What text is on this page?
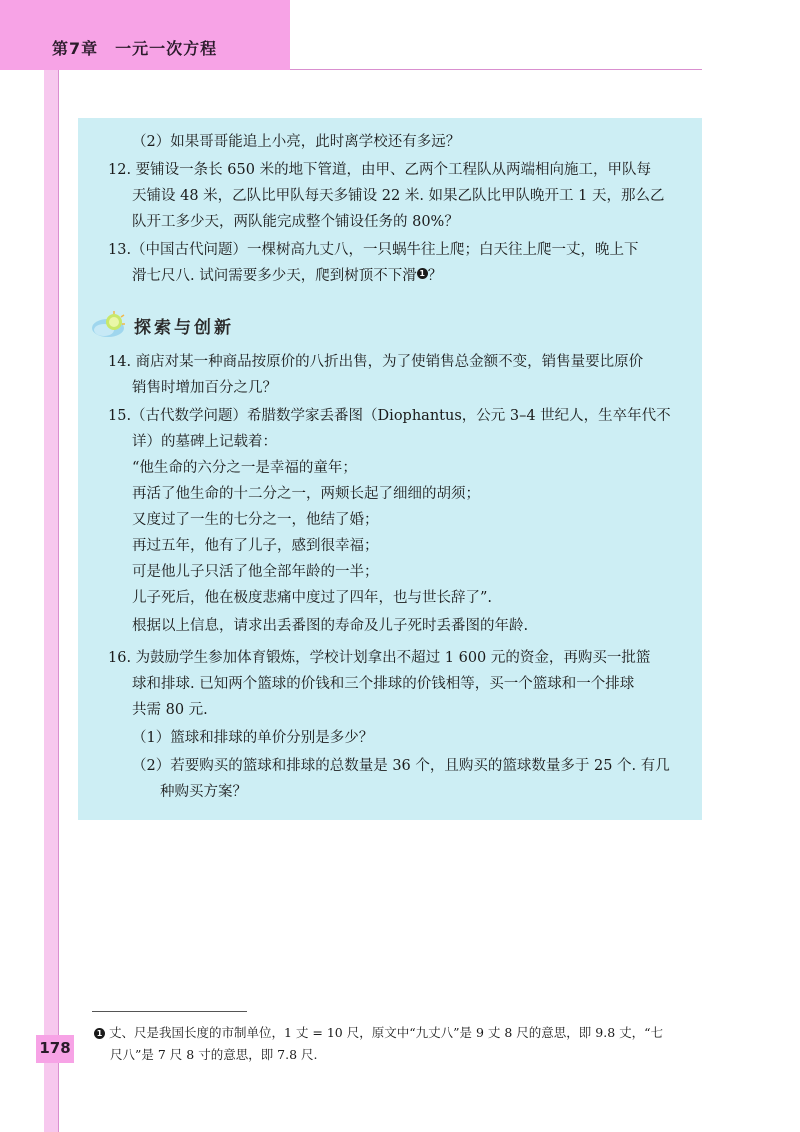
第7章　一元一次方程
（2）如果哥哥能追上小亮，此时离学校还有多远？
12. 要铺设一条长 650 米的地下管道，由甲、乙两个工程队从两端相向施工，甲队每
天铺设 48 米，乙队比甲队每天多铺设 22 米. 如果乙队比甲队晚开工 1 天，那么乙
队开工多少天，两队能完成整个铺设任务的 80%？
13.（中国古代问题）一棵树高九丈八，一只蜗牛往上爬；白天往上爬一丈，晚上下
滑七尺八. 试问需要多少天，爬到树顶不下滑 1 ？
探索与创新
14. 商店对某一种商品按原价的八折出售，为了使销售总金额不变，销售量要比原价
销售时增加百分之几？
15.（古代数学问题）希腊数学家丢番图（Diophantus，公元 3–4 世纪人，生卒年代不
详）的墓碑上记载着：
“他生命的六分之一是幸福的童年；
再活了他生命的十二分之一，两颊长起了细细的胡须；
又度过了一生的七分之一，他结了婚；
再过五年，他有了儿子，感到很幸福；
可是他儿子只活了他全部年龄的一半；
儿子死后，他在极度悲痛中度过了四年，也与世长辞了”.
根据以上信息，请求出丢番图的寿命及儿子死时丢番图的年龄.
16. 为鼓励学生参加体育锻炼，学校计划拿出不超过 1 600 元的资金，再购买一批篮
球和排球. 已知两个篮球的价钱和三个排球的价钱相等，买一个篮球和一个排球
共需 80 元.
（1）篮球和排球的单价分别是多少？
（2）若要购买的篮球和排球的总数量是 36 个，且购买的篮球数量多于 25 个. 有几
种购买方案？
1 丈、尺是我国长度的市制单位，1 丈 = 10 尺，原文中“九丈八”是 9 丈 8 尺的意思，即 9.8 丈，“七
尺八”是 7 尺 8 寸的意思，即 7.8 尺.
178
